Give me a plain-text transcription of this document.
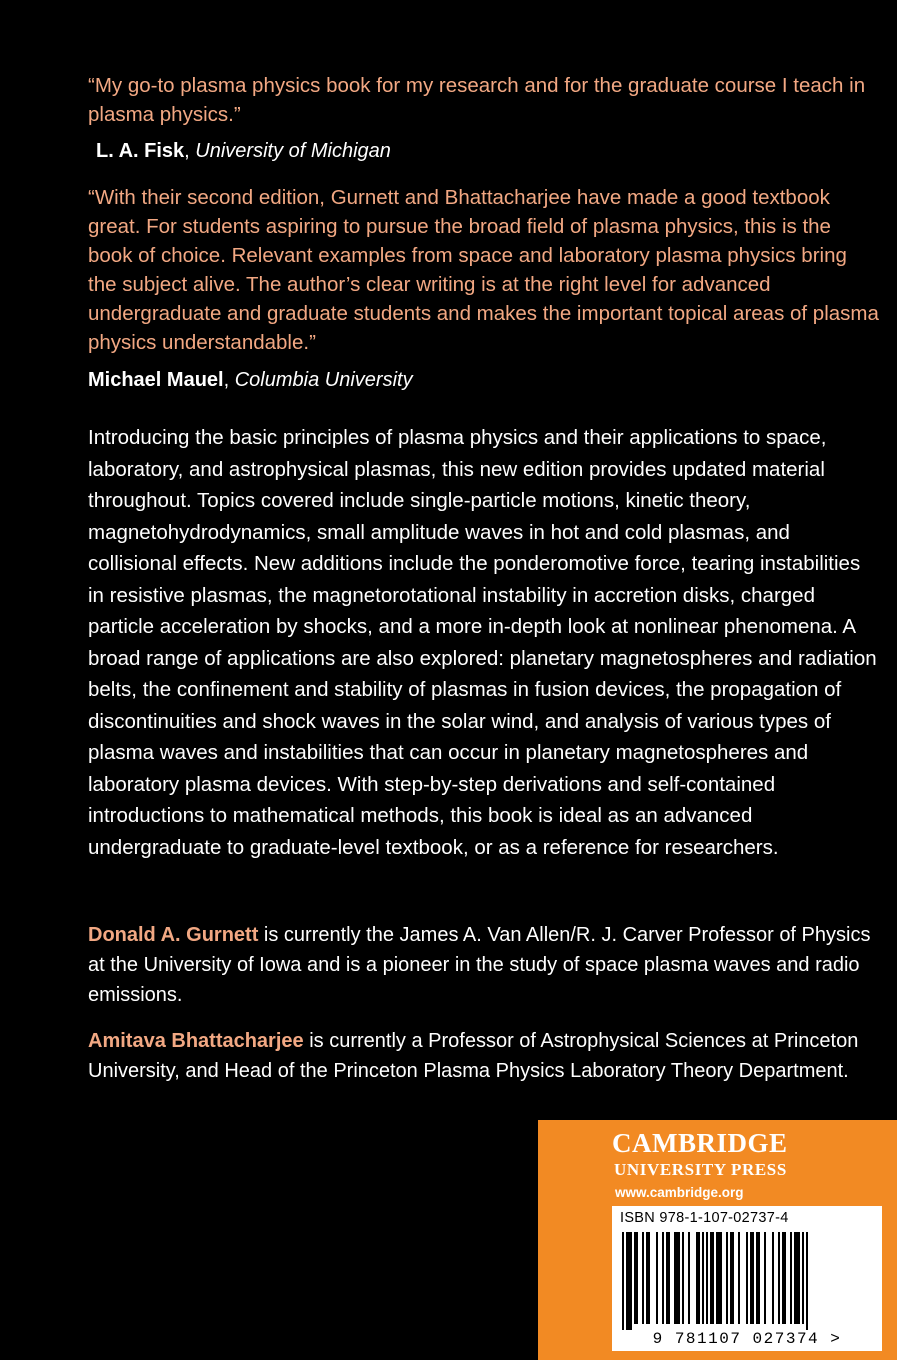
“My go-to plasma physics book for my research and for the graduate course I teach in plasma physics.”

L. A. Fisk, University of Michigan

“With their second edition, Gurnett and Bhattacharjee have made a good textbook great. For students aspiring to pursue the broad field of plasma physics, this is the book of choice. Relevant examples from space and laboratory plasma physics bring the subject alive. The author’s clear writing is at the right level for advanced undergraduate and graduate students and makes the important topical areas of plasma physics understandable.”

Michael Mauel, Columbia University

Introducing the basic principles of plasma physics and their applications to space, laboratory, and astrophysical plasmas, this new edition provides updated material throughout. Topics covered include single-particle motions, kinetic theory, magnetohydrodynamics, small amplitude waves in hot and cold plasmas, and collisional effects. New additions include the ponderomotive force, tearing instabilities in resistive plasmas, the magnetorotational instability in accretion disks, charged particle acceleration by shocks, and a more in-depth look at nonlinear phenomena. A broad range of applications are also explored: planetary magnetospheres and radiation belts, the confinement and stability of plasmas in fusion devices, the propagation of discontinuities and shock waves in the solar wind, and analysis of various types of plasma waves and instabilities that can occur in planetary magnetospheres and laboratory plasma devices. With step-by-step derivations and self-contained introductions to mathematical methods, this book is ideal as an advanced undergraduate to graduate-level textbook, or as a reference for researchers.

Donald A. Gurnett is currently the James A. Van Allen/R. J. Carver Professor of Physics at the University of Iowa and is a pioneer in the study of space plasma waves and radio emissions.

Amitava Bhattacharjee is currently a Professor of Astrophysical Sciences at Princeton University, and Head of the Princeton Plasma Physics Laboratory Theory Department.

CAMBRIDGE

UNIVERSITY PRESS

www.cambridge.org

ISBN 978-1-107-02737-4

9 781107 027374 >
